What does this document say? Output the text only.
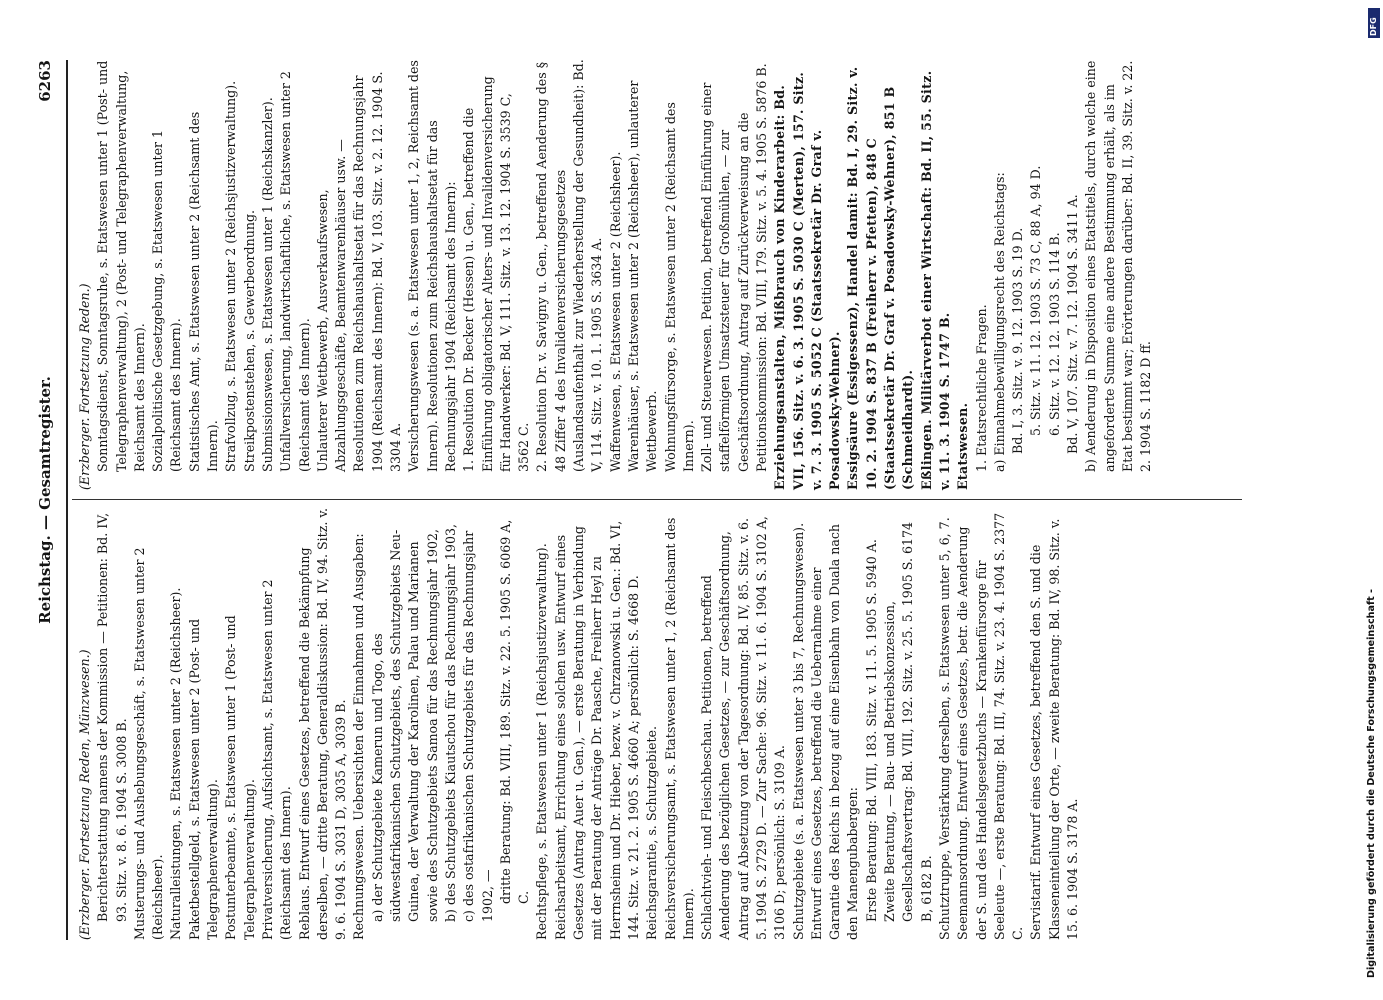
Reichstag. — Gesamtregister.
6263

(Erzberger. Fortsetzung Reden, Münzwesen.) Berichterstattung namens der Kommission — Petitionen: Bd. IV, 93. Sitz. v. 8. 6. 1904 S. 3008 B. Musterungs- und Aushebungsgeschäft, s. Etatswesen unter 2 (Reichsheer). Naturalleistungen, s. Etatswesen unter 2 (Reichsheer). Paketbestellgeld, s. Etatswesen unter 2 (Post- und Telegraphenverwaltung). Postunterbeamte, s. Etatswesen unter 1 (Post- und Telegraphenverwaltung). Privatversicherung, Aufsichtsamt, s. Etatswesen unter 2 (Reichsamt des Innern). Reblaus. Entwurf eines Gesetzes, betreffend die Bekämpfung derselben, — dritte Beratung, Generaldiskussion: Bd. IV, 94. Sitz. v. 9. 6. 1904 S. 3031 D, 3035 A, 3039 B. Rechnungswesen. Uebersichten der Einnahmen und Ausgaben: a) der Schutzgebiete Kamerun und Togo, des südwestafrikanischen Schutzgebiets, des Schutzgebiets Neu-Guinea, der Verwaltung der Karolinen, Palau und Marianen sowie des Schutzgebiets Samoa für das Rechnungsjahr 1902, b) des Schutzgebiets Kiautschou für das Rechnungsjahr 1903, c) des ostafrikanischen Schutzgebiets für das Rechnungsjahr 1902, — dritte Beratung: Bd. VIII, 189. Sitz. v. 22. 5. 1905 S. 6069 A, C. Rechtspflege, s. Etatswesen unter 1 (Reichsjustizverwaltung). Reichsarbeitsamt, Errichtung eines solchen usw. Entwurf eines Gesetzes (Antrag Auer u. Gen.), — erste Beratung in Verbindung mit der Beratung der Anträge Dr. Paasche, Freiherr Heyl zu Herrnsheim und Dr. Hieber, bezw. v. Chrzanowski u. Gen.: Bd. VI, 144. Sitz. v. 21. 2. 1905 S. 4660 A; persönlich: S. 4668 D. Reichsgarantie, s. Schutzgebiete. Reichsversicherungsamt, s. Etatswesen unter 1, 2 (Reichsamt des Innern). Schlachtvieh- und Fleischbeschau. Petitionen, betreffend Aenderung des bezüglichen Gesetzes, — zur Geschäftsordnung, Antrag auf Absetzung von der Tagesordnung: Bd. IV, 85. Sitz. v. 6. 5. 1904 S. 2729 D. — Zur Sache: 96. Sitz. v. 11. 6. 1904 S. 3102 A, 3106 D; persönlich: S. 3109 A. Schutzgebiete (s. a. Etatswesen unter 3 bis 7, Rechnungswesen). Entwurf eines Gesetzes, betreffend die Uebernahme einer Garantie des Reichs in bezug auf eine Eisenbahn von Duala nach den Manengubabergen: Erste Beratung: Bd. VIII, 183. Sitz. v. 11. 5. 1905 S. 5940 A. Zweite Beratung, — Bau- und Betriebskonzession, Gesellschaftsvertrag: Bd. VIII, 192. Sitz. v. 25. 5. 1905 S. 6174 B, 6182 B. Schutztruppe, Verstärkung derselben, s. Etatswesen unter 5, 6, 7. Seemannsordnung. Entwurf eines Gesetzes, betr. die Aenderung der S. und des Handelsgesetzbuchs — Krankenfürsorge für Seeleute —, erste Beratung: Bd. III, 74. Sitz. v. 23. 4. 1904 S. 2377 C. Servistarif. Entwurf eines Gesetzes, betreffend den S. und die Klasseneinteilung der Orte, — zweite Beratung: Bd. IV, 98. Sitz. v. 15. 6. 1904 S. 3178 A.

(Erzberger. Fortsetzung Reden.) Sonntagsdienst, Sonntagsruhe, s. Etatswesen unter 1 (Post- und Telegraphenverwaltung), 2 (Post- und Telegraphenverwaltung, Reichsamt des Innern). Sozialpolitische Gesetzgebung, s. Etatswesen unter 1 (Reichsamt des Innern). Statistisches Amt, s. Etatswesen unter 2 (Reichsamt des Innern). Strafvollzug, s. Etatswesen unter 2 (Reichsjustizverwaltung). Streikpostenstehen, s. Gewerbeordnung. Submissionswesen, s. Etatswesen unter 1 (Reichskanzler). Unfallversicherung, landwirtschaftliche, s. Etatswesen unter 2 (Reichsamt des Innern). Unlauterer Wettbewerb, Ausverkaufswesen, Abzahlungsgeschäfte, Beamtenwarenhäuser usw. — Resolutionen zum Reichshaushaltsetat für das Rechnungsjahr 1904 (Reichsamt des Innern): Bd. V, 103. Sitz. v. 2. 12. 1904 S. 3304 A. Versicherungswesen (s. a. Etatswesen unter 1, 2, Reichsamt des Innern). Resolutionen zum Reichshaushaltsetat für das Rechnungsjahr 1904 (Reichsamt des Innern): 1. Resolution Dr. Becker (Hessen) u. Gen., betreffend die Einführung obligatorischer Alters- und Invalidenversicherung für Handwerker: Bd. V, 111. Sitz. v. 13. 12. 1904 S. 3539 C, 3562 C. 2. Resolution Dr. v. Savigny u. Gen., betreffend Aenderung des § 48 Ziffer 4 des Invalidenversicherungsgesetzes (Auslandsaufenthalt zur Wiederherstellung der Gesundheit): Bd. V, 114. Sitz. v. 10. 1. 1905 S. 3634 A. Waffenwesen, s. Etatswesen unter 2 (Reichsheer). Warenhäuser, s. Etatswesen unter 2 (Reichsheer), unlauterer Wettbewerb. Wohnungsfürsorge, s. Etatswesen unter 2 (Reichsamt des Innern). Zoll- und Steuerwesen. Petition, betreffend Einführung einer staffelförmigen Umsatzsteuer für Großmühlen, — zur Geschäftsordnung, Antrag auf Zurückverweisung an die Petitionskommission: Bd. VIII, 179. Sitz. v. 5. 4. 1905 S. 5876 B. Erziehungsanstalten, Mißbrauch von Kinderarbeit: Bd. VII, 156. Sitz. v. 6. 3. 1905 S. 5030 C (Merten), 157. Sitz. v. 7. 3. 1905 S. 5052 C (Staatssekretär Dr. Graf v. Posadowsky-Wehner). Essigsäure (Essigessenz), Handel damit: Bd. I, 29. Sitz. v. 10. 2. 1904 S. 837 B (Freiherr v. Pfetten), 848 C (Staatssekretär Dr. Graf v. Posadowsky-Wehner), 851 B (Schmeidhardt). Eßlingen. Militärverbot einer Wirtschaft: Bd. II, 55. Sitz. v. 11. 3. 1904 S. 1747 B. Etatswesen. 1. Etatsrechtliche Fragen. a) Einnahmebewilligungsrecht des Reichstags: Bd. I, 3. Sitz. v. 9. 12. 1903 S. 19 D. 5. Sitz. v. 11. 12. 1903 S. 73 C, 88 A, 94 D. 6. Sitz. v. 12. 12. 1903 S. 114 B. Bd. V, 107. Sitz. v. 7. 12. 1904 S. 3411 A. b) Aenderung in Disposition eines Etatstitels, durch welche eine angeforderte Summe eine andere Bestimmung erhält, als im Etat bestimmt war; Erörterungen darüber: Bd. II, 39. Sitz. v. 22. 2. 1904 S. 1182 D ff.

DFG
Digitalisierung gefördert durch die Deutsche Forschungsgemeinschaft -
